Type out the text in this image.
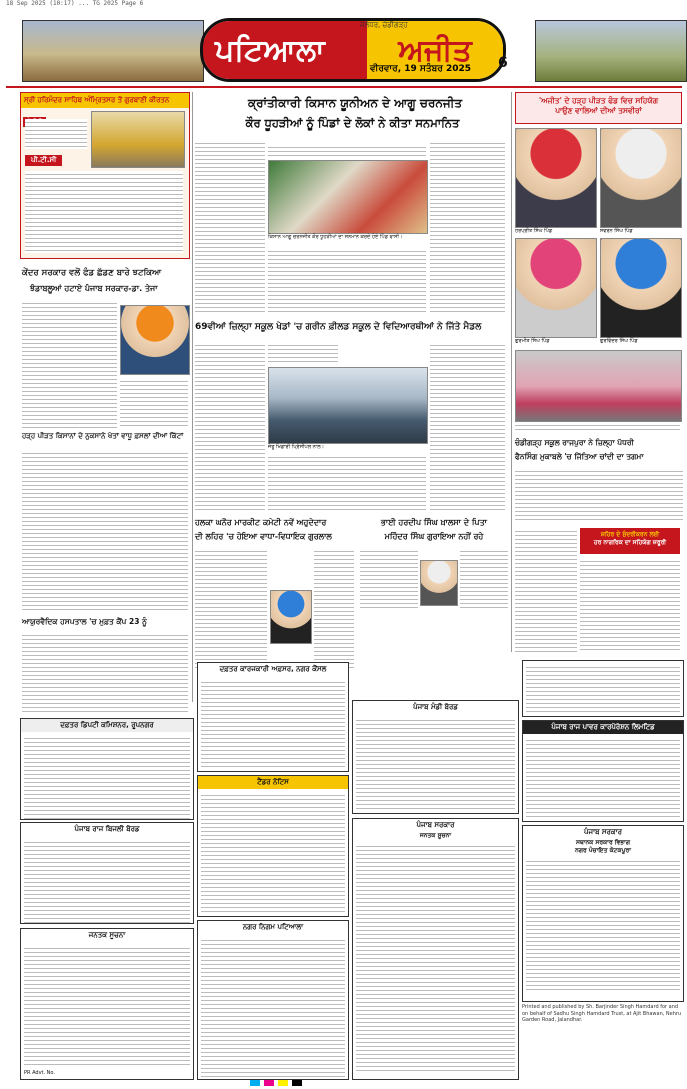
18 Sep 2025 (10:17) ... TG 2025 Page 6
ਪਟਿਆਲਾ	ਅਜੀਤ
ਜਲੰਧਰ, ਚੰਡੀਗੜ੍ਹ
ਵੀਰਵਾਰ, 19 ਸਤੰਬਰ 2025 6
ਸ੍ਰੀ ਹਰਿਮੰਦਰ ਸਾਹਿਬ ਅੰਮ੍ਰਿਤਸਰ ਤੋਂ ਗੁਰਬਾਣੀ ਕੀਰਤਨ
ਪੀ.ਟੀ.ਸੀ
ਕੇਂਦਰ ਸਰਕਾਰ ਵਲੋਂ ਫੰਡ ਛੱਡਣ ਬਾਰੇ ਝਟਕਿਆ
ਝੰਡਾਬਲੂਆਂ ਹਟਾਏ ਪੰਜਾਬ ਸਰਕਾਰ-ਡਾ. ਤੇਜਾ
ਹੜ੍ਹ ਪੀੜਤ ਕਿਸਾਨਾਂ ਦੇ ਨੁਕਸਾਨੇ ਖੇਤਾਂ ਵਾਧੂ ਫ਼ਸਲਾਂ ਦੀਆਂ ਕਿੱਟਾਂ
ਆਯੁਰਵੈਦਿਕ ਹਸਪਤਾਲ 'ਚ ਮੁਫ਼ਤ ਕੈਂਪ 23 ਨੂੰ
ਕ੍ਰਾਂਤੀਕਾਰੀ ਕਿਸਾਨ ਯੂਨੀਅਨ ਦੇ ਆਗੂ ਚਰਨਜੀਤ
ਕੌਰ ਧੂਹੜੀਆਂ ਨੂੰ ਪਿੰਡਾਂ ਦੇ ਲੋਕਾਂ ਨੇ ਕੀਤਾ ਸਨਮਾਨਿਤ
ਕਿਸਾਨ ਆਗੂ ਚਰਨਜੀਤ ਕੌਰ ਧੂਹੜੀਆਂ ਦਾ ਸਨਮਾਨ ਕਰਦੇ ਹੋਏ ਪਿੰਡ ਵਾਸੀ।
69ਵੀਆਂ ਜ਼ਿਲ੍ਹਾ ਸਕੂਲ ਖੇਡਾਂ 'ਚ ਗਰੀਨ ਫ਼ੀਲਡ ਸਕੂਲ ਦੇ ਵਿਦਿਆਰਥੀਆਂ ਨੇ ਜਿੱਤੇ ਮੈਡਲ
ਜੇਤੂ ਖਿਡਾਰੀ ਪ੍ਰਿੰਸੀਪਲ ਨਾਲ।
ਹਲਕਾ ਘਨੌਰ ਮਾਰਕੀਟ ਕਮੇਟੀ ਨਵੇਂ ਅਹੁਦੇਦਾਰ
ਦੀ ਲਹਿਰ 'ਚ ਹੋਇਆ ਵਾਧਾ-ਵਿਧਾਇਕ ਗੁਰਲਾਲ
ਭਾਈ ਹਰਦੀਪ ਸਿੰਘ ਖ਼ਾਲਸਾ ਦੇ ਪਿਤਾ
ਮਹਿੰਦਰ ਸਿੰਘ ਗੁਰਾਇਆ ਨਹੀਂ ਰਹੇ
'ਅਜੀਤ' ਦੇ ਹੜ੍ਹ ਪੀੜਤ ਫੰਡ ਵਿਚ ਸਹਿਯੋਗ
ਪਾਉਣ ਵਾਲਿਆਂ ਦੀਆਂ ਤਸਵੀਰਾਂ
ਹਰਪ੍ਰੀਤ ਸਿੰਘ ਪਿੰਡ	ਸਵਰਨ ਸਿੰਘ ਪਿੰਡ
ਗੁਰਮੀਤ ਸਿੰਘ ਪਿੰਡ	ਗੁਰਵਿੰਦਰ ਸਿੰਘ ਪਿੰਡ
ਚੰਡੀਗੜ੍ਹ ਸਕੂਲ ਰਾਜਪੁਰਾ ਨੇ ਜ਼ਿਲ੍ਹਾ ਪੱਧਰੀ
ਫੈਨਸਿੰਗ ਮੁਕਾਬਲੇ 'ਚ ਜਿੱਤਿਆ ਚਾਂਦੀ ਦਾ ਤਗਮਾ
ਸ਼ਹਿਰ ਦੇ ਸੁੰਦਰੀਕਰਨ ਲਈ
ਹਰ ਨਾਗਰਿਕ ਦਾ ਸਹਿਯੋਗ ਜ਼ਰੂਰੀ
ਦਫ਼ਤਰ ਡਿਪਟੀ ਕਮਿਸ਼ਨਰ, ਰੂਪਨਗਰ
ਪੰਜਾਬ ਰਾਜ ਬਿਜਲੀ ਬੋਰਡ
ਜਨਤਕ ਸੂਚਨਾ
PR Advt. No.
ਦਫ਼ਤਰ ਕਾਰਜਕਾਰੀ ਅਫ਼ਸਰ, ਨਗਰ ਕੌਂਸਲ
ਟੈਂਡਰ ਨੋਟਿਸ
ਨਗਰ ਨਿਗਮ ਪਟਿਆਲਾ
ਪੰਜਾਬ ਮੰਡੀ ਬੋਰਡ
ਪੰਜਾਬ ਸਰਕਾਰ
ਜਨਤਕ ਸੂਚਨਾ
ਪੰਜਾਬ ਰਾਜ ਪਾਵਰ ਕਾਰਪੋਰੇਸ਼ਨ ਲਿਮਟਿਡ
ਪੰਜਾਬ ਸਰਕਾਰ
ਸਥਾਨਕ ਸਰਕਾਰ ਵਿਭਾਗ
ਨਗਰ ਪੰਚਾਇਤ ਕੋਟਕਪੂਰਾ
Printed and published by Sh. Barjinder Singh Hamdard for and on behalf of Sadhu Singh Hamdard Trust, at Ajit Bhawan, Nehru Garden Road, Jalandhar.
